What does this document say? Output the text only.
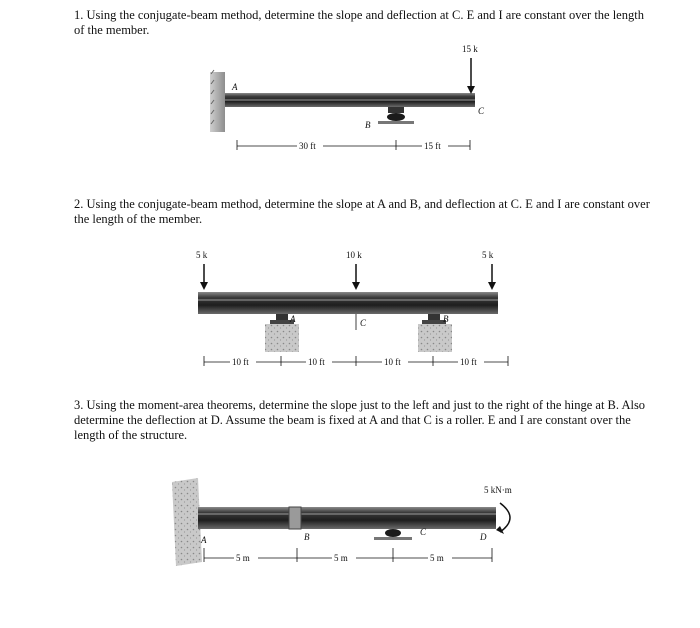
1. Using the conjugate-beam method, determine the slope and deflection at C. E and I are constant over the length of the member.

2. Using the conjugate-beam method, determine the slope at A and B, and deflection at C. E and I are constant over the length of the member.

3. Using the moment-area theorems, determine the slope just to the left and just to the right of the hinge at B. Also determine the deflection at D. Assume the beam is fixed at A and that C is a roller. E and I are constant over the length of the structure.

15 k
A
B
C
30 ft	15 ft
5 k	10 k	5 k
A	C	B
10 ft	10 ft	10 ft	10 ft
5 kN·m
A	B	C	D
5 m	5 m	5 m
